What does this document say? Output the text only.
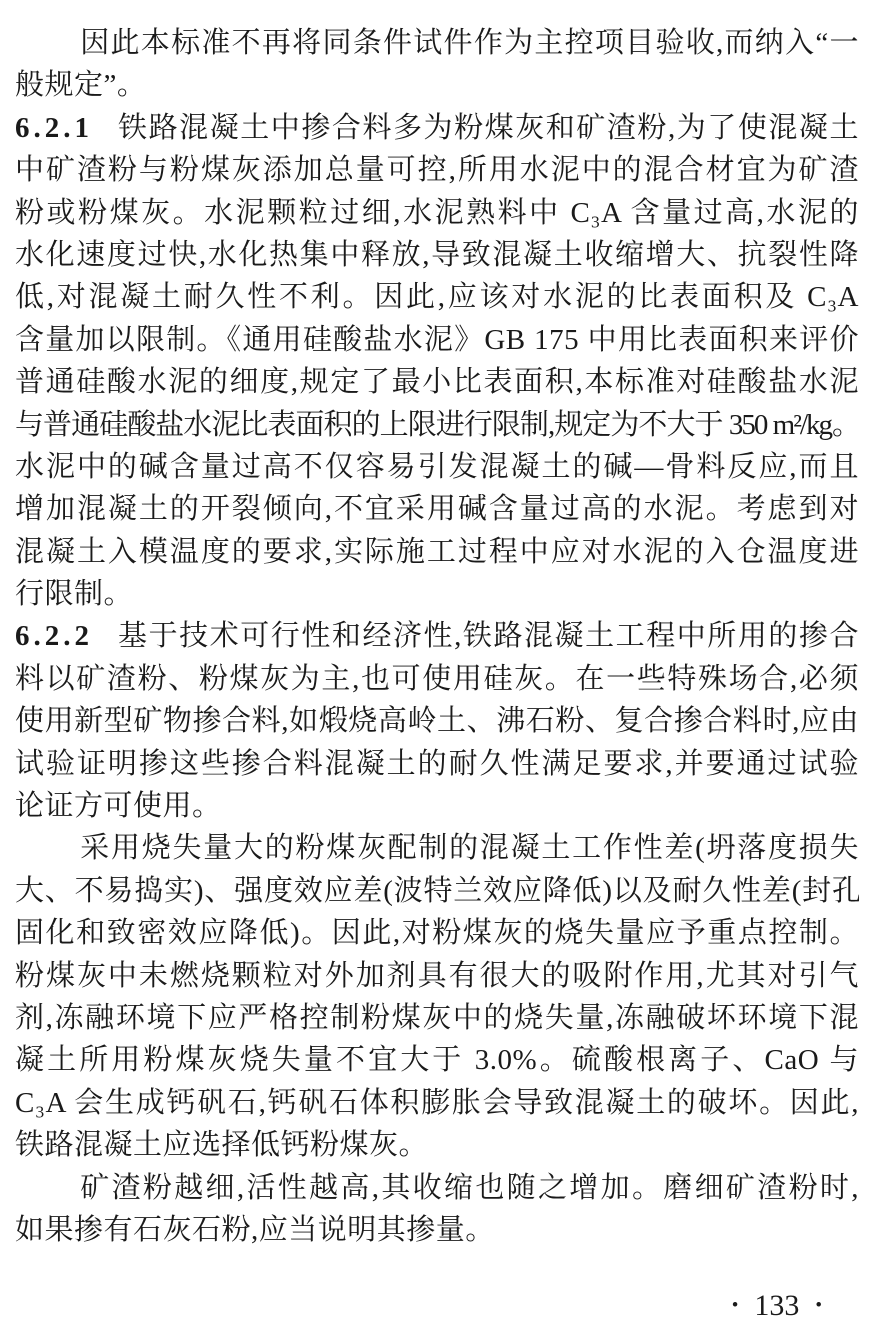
因此本标准不再将同条件试件作为主控项目验收,而纳入“一
般规定”。
6.2.1 铁路混凝土中掺合料多为粉煤灰和矿渣粉,为了使混凝土
中矿渣粉与粉煤灰添加总量可控,所用水泥中的混合材宜为矿渣
粉或粉煤灰。水泥颗粒过细,水泥熟料中 C₃A 含量过高,水泥的
水化速度过快,水化热集中释放,导致混凝土收缩增大、抗裂性降
低,对混凝土耐久性不利。因此,应该对水泥的比表面积及 C₃A
含量加以限制。《通用硅酸盐水泥》GB 175 中用比表面积来评价
普通硅酸水泥的细度,规定了最小比表面积,本标准对硅酸盐水泥
与普通硅酸盐水泥比表面积的上限进行限制,规定为不大于 350 m²/kg。
水泥中的碱含量过高不仅容易引发混凝土的碱—骨料反应,而且
增加混凝土的开裂倾向,不宜采用碱含量过高的水泥。考虑到对
混凝土入模温度的要求,实际施工过程中应对水泥的入仓温度进
行限制。
6.2.2 基于技术可行性和经济性,铁路混凝土工程中所用的掺合
料以矿渣粉、粉煤灰为主,也可使用硅灰。在一些特殊场合,必须
使用新型矿物掺合料,如煅烧高岭土、沸石粉、复合掺合料时,应由
试验证明掺这些掺合料混凝土的耐久性满足要求,并要通过试验
论证方可使用。
采用烧失量大的粉煤灰配制的混凝土工作性差(坍落度损失
大、不易捣实)、强度效应差(波特兰效应降低)以及耐久性差(封孔
固化和致密效应降低)。因此,对粉煤灰的烧失量应予重点控制。
粉煤灰中未燃烧颗粒对外加剂具有很大的吸附作用,尤其对引气
剂,冻融环境下应严格控制粉煤灰中的烧失量,冻融破坏环境下混
凝土所用粉煤灰烧失量不宜大于 3.0%。硫酸根离子、CaO 与
C₃A 会生成钙矾石,钙矾石体积膨胀会导致混凝土的破坏。因此,
铁路混凝土应选择低钙粉煤灰。
矿渣粉越细,活性越高,其收缩也随之增加。磨细矿渣粉时,
如果掺有石灰石粉,应当说明其掺量。
• 133 •
